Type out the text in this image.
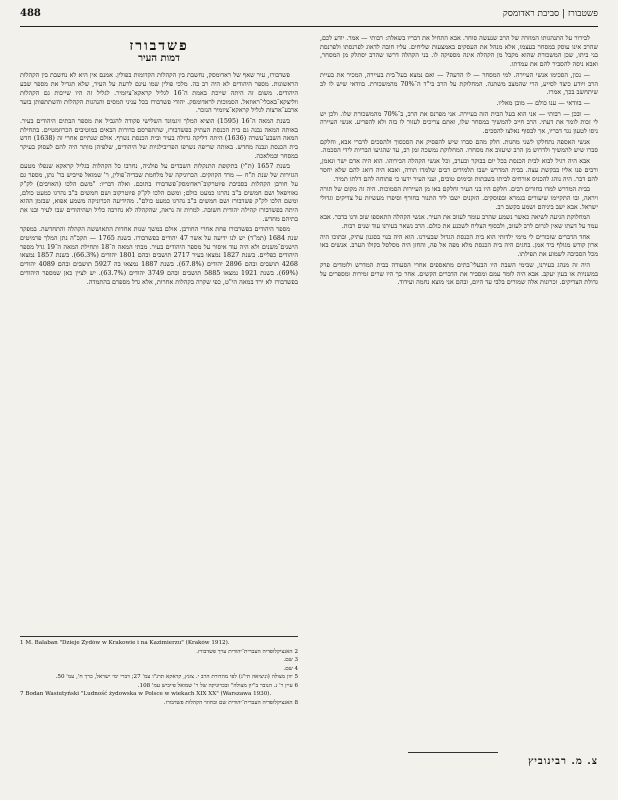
488	פשטבורז | סביבת ראדומסק

לבירור על התנהגותו המוזרה של הרב שנעשה סוחר. אבא התחיל את דבריו בשאלה: רבותי — אמר. יודע לכם, שהרב אינו עוסק במסחר בעצמו, אלא מנהל את העסקים באמצעות שליחים. עליו חובה לדאוג לפרנסתו ולפרנסת בני ביתו, שכן המשכורת שהוא מקבל מן הקהלה אינה מספיקה לו. בני הקהלה דרשו שהרב יסתלק מן המסחר, ואבא ניסה להסביר להם את עמדתו.

— נכון, הסכימו אנשי העיירה. למי המסחר — לו הדעה? — ואם נמצא בעל־בית בעיירה, המכיר את בעיית הרב ויודע כיצד לסייע, הרי שהמצב משתנה. המחלוקת על הרב בי"ד ה־70% מהמשכורת. בוודאי שיש לו לב שיתחשב בכך, אמרו.

— בוודאי — ענו כולם — מובן מאליו.

— ובכן — רבותי — אני הוא בעל הבית הזה בעיירה. אני מפרנס את הרב, ב־70% מהמשכורת שלו. ולכן יש לי זכות לומר את דעתי. הרב חייב להמשיך במסחר שלו, ואתם צריכים לעזור לו בזה ולא להפריע. אנשי העיירה ניסו לטעון נגד דבריו, אך לבסוף נאלצו להסכים.

אנשי האספה נתחלקו לשני מחנות. חלק מהם סברו שיש להפסיק את הסכסוך ולהסכים לדברי אבא, וחלקם סברו שיש להמשיך ולדרוש מן הרב שיעזוב את מסחרו. המחלוקת נמשכה זמן רב, עד שהגיעו הבריות לידי הסכמה.

אבא היה רגיל לבוא לבית הכנסת בכל יום בבוקר ובערב, וכל אנשי הקהלה הכירוהו. הוא היה אדם ישר ונאמן, ורבים פנו אליו בבקשת עצה. בבית המדרש ישבו תלמידים רבים שלמדו תורה, ואבא היה דואג להם שלא יחסר להם דבר. היה נוהג להכניס אורחים לביתו בשבתות ובימים טובים, ועני העיר ידעו כי פתוחה להם דלתו תמיד.

בבית המדרש למדו בחורים רבים. חלקם היו בני העיר וחלקם באו מן העיירות הסמוכות. היה זה מקום של תורה ויראה, ובו התקיימו שיעורים בגמרא ובפוסקים. הזקנים ישבו ליד התנור בחורף וסיפרו מעשיות על צדיקים וגדולי ישראל. אבא ישב ביניהם ושמע בקשב רב.

המחלוקת הגיעה לשיאה כאשר נשמע שהרב עומד לעזוב את העיר. אנשי הקהלה התאספו שוב ודנו בדבר. אבא עמד על דעתו שאין לגרום לרב לעזוב, ולבסוף הצליח לשכנע את כולם. הרב נשאר בעירנו עוד שנים רבות.

אחד הדברים שזכורים לי מימי ילדותי הוא בית הכנסת הגדול שבעירנו. הוא היה בנוי בסגנון עתיק, ובתוכו היה ארון קודש מגולף ביד אמן. בחגים היה בית הכנסת מלא מפה אל פה, והחזן היה מסלסל בקולו הערב. אנשים באו מכל הסביבה לשמוע את תפילתו.

היה זה מנהג בעירנו, שבימי השבת היו הבעלי־בתים מתאספים אחרי הסעודה בבית המדרש ולומדים פרק במשניות או בעין יעקב. אבא היה לומד עמם ומסביר את הדברים הקשים. אחר כך היו שרים זמירות ומספרים על גדולת הצדיקים. זכרונות אלה שמורים בלבי עד היום, ובהם אני מוצא נחמה ועידוד.

פשדבורז
דמות העיר

פשדבורז, עיר שאף של ראדומסק, נחשבת בין הקהלות הקדומות בפולין. אמנם אין היא לא נחשבת בין הקהלות הראשונות. מספר היהודים לא היה רב בה. מלכי פולין שמו עינם לרעת על העיר, שלא תגדיל את מספר שבע היהודים. משום זה היתה שייכת באמת ה־16 לגליל קראקא־ציזמיר. לגליל זה היו שייכות גם הקהלות ווליצקא־באכלי־ראוזאל. הסמוכות לראדומסק. יהודי פשדבורז בכל עניני המסים והנהגות הקהלות והשתתפותן בועד ארבע־ארצות לגליל קראקא־ציזמיר הנזכר.

בשנת המאה ה־16 (1595) הוציא המלך זיגמונד השלישי פקודה להגביל את מספר הבתים היהודים בעיר. באותה המאה נבנה גם בית הכנסת העתיק בפשדבורז, שהתפרסם בדורות הבאים במוטיבים הכרוזמטיים. בתחילת המאה השבע־עשרה (1636) היתה דליקה גדולה בעיר ובית הכנסת נשרף. אולם שנתיים אחרי זה (1638) חדש בית הכנסת ונבנה מחדש. באותה שריפה נשרפו הפריבילגיות של היהודים, שלפיהן מותר היה להם לעסוק בעיקר במסחר ובמלאכה.

בשנת 1657 (ת"י) בתקופת התנקלות השבדים על פולניה, נחרבו כל הקהלות בגליל קראקא שנפלו מטעם הגזירות של שנת ת"ח — מרד הקוזקים. הכרוניקה של מלחמת שבדיה־פולין, ר' שמואל פייביש בר' נתן, מספר גם על חורבן הקהלות בסביבת פיוטרקוב־ראדומסק־פשדבורז בתוכם. ואלה דבריו: "משם הלכו (האויבים) לק"ק נאוויפאל ושם חמשים ב"ב נהרגו כמעט כולם; ומשם הלכו לק"ק פיוטרקוב ושם חמשים ב"ב נהרגו כמעט כולם, ומשם הלכו לק"ק פשדבורז ושם חמשים ב"ב נהרגו כמעט כולם". מהידיעה הכרוניקה משמע אפוא, שבזמן ההוא היתה בפשדבורז קהילה יהודית חשובה. למרות זה נראה, שהקהלה לא נחרבה כליל ושהיהודים שבו לעיר ובנו את בתיהם מחדש.

מספר היהודים בפשדבורז פחת אחרי החורבן. אולם במשך שנות אחדות התאוששה הקהלה והתחדשה. במפקד שנת 1684 (תמ"ד) יש לנו ידיעה על אשר 47 יהודים בפשדבורז. בשנת 1765 — תקכ"ה נתן המלך פרמיטים הישנים־משנים ולא היה עוד איסור על מספר היהודים בעיר. מבתי המאה ה־18 ותחילת המאה ה־19 גדל מספר היהודים כפליים. בשנת 1827 נמצאו בעיר 2717 תושבים ובהם 1801 יהודים (66.3%). בשנת 1857 נמצאו 4268 תושבים ובהם 2896 יהודים (67.8%). בשנת 1887 נמצאו בה 5927 תושבים ובהם 4089 יהודים (69%). בשנת 1921 נמצאו 5885 תושבים ובהם 3749 יהודים (63.7%). יש לציין כאן שמספר היהודים בפשדבורז לא ירד במאה הי"ט, כפי שקרה בקהלות אחרות, אלא גדל מספרם בהתמדה.

1 M. Balaban "Dzieje Żydów w Krakowie i na Kazimierzu" (Kraków 1912).
2 האנציקלופדיה העברית־יהודית ערך פשדבורז.
3 שם.
4 שם.
5 יוון מצולה (וניציאה תי"ג) לפי מהדורת הרב י. צונץ, קראקא תרנ"ו עמ' 27; דברי ימי ישראל, כרך ח', עמ' 50.
6 עיין ר' נ. הנובר ב"יון מצולה" ובכרוניקה של ר' שמואל פייביש עמ' 108.
7 Bodan Wasiutyński "Ludność żydowska w Polsce w wiekach XIX XX" (Warszawa 1930).
8 האנציקלופדיה העברית־יהודית שם ובחוזר הקהלות פשדבורז.
צ. מ. רבינוביץ
